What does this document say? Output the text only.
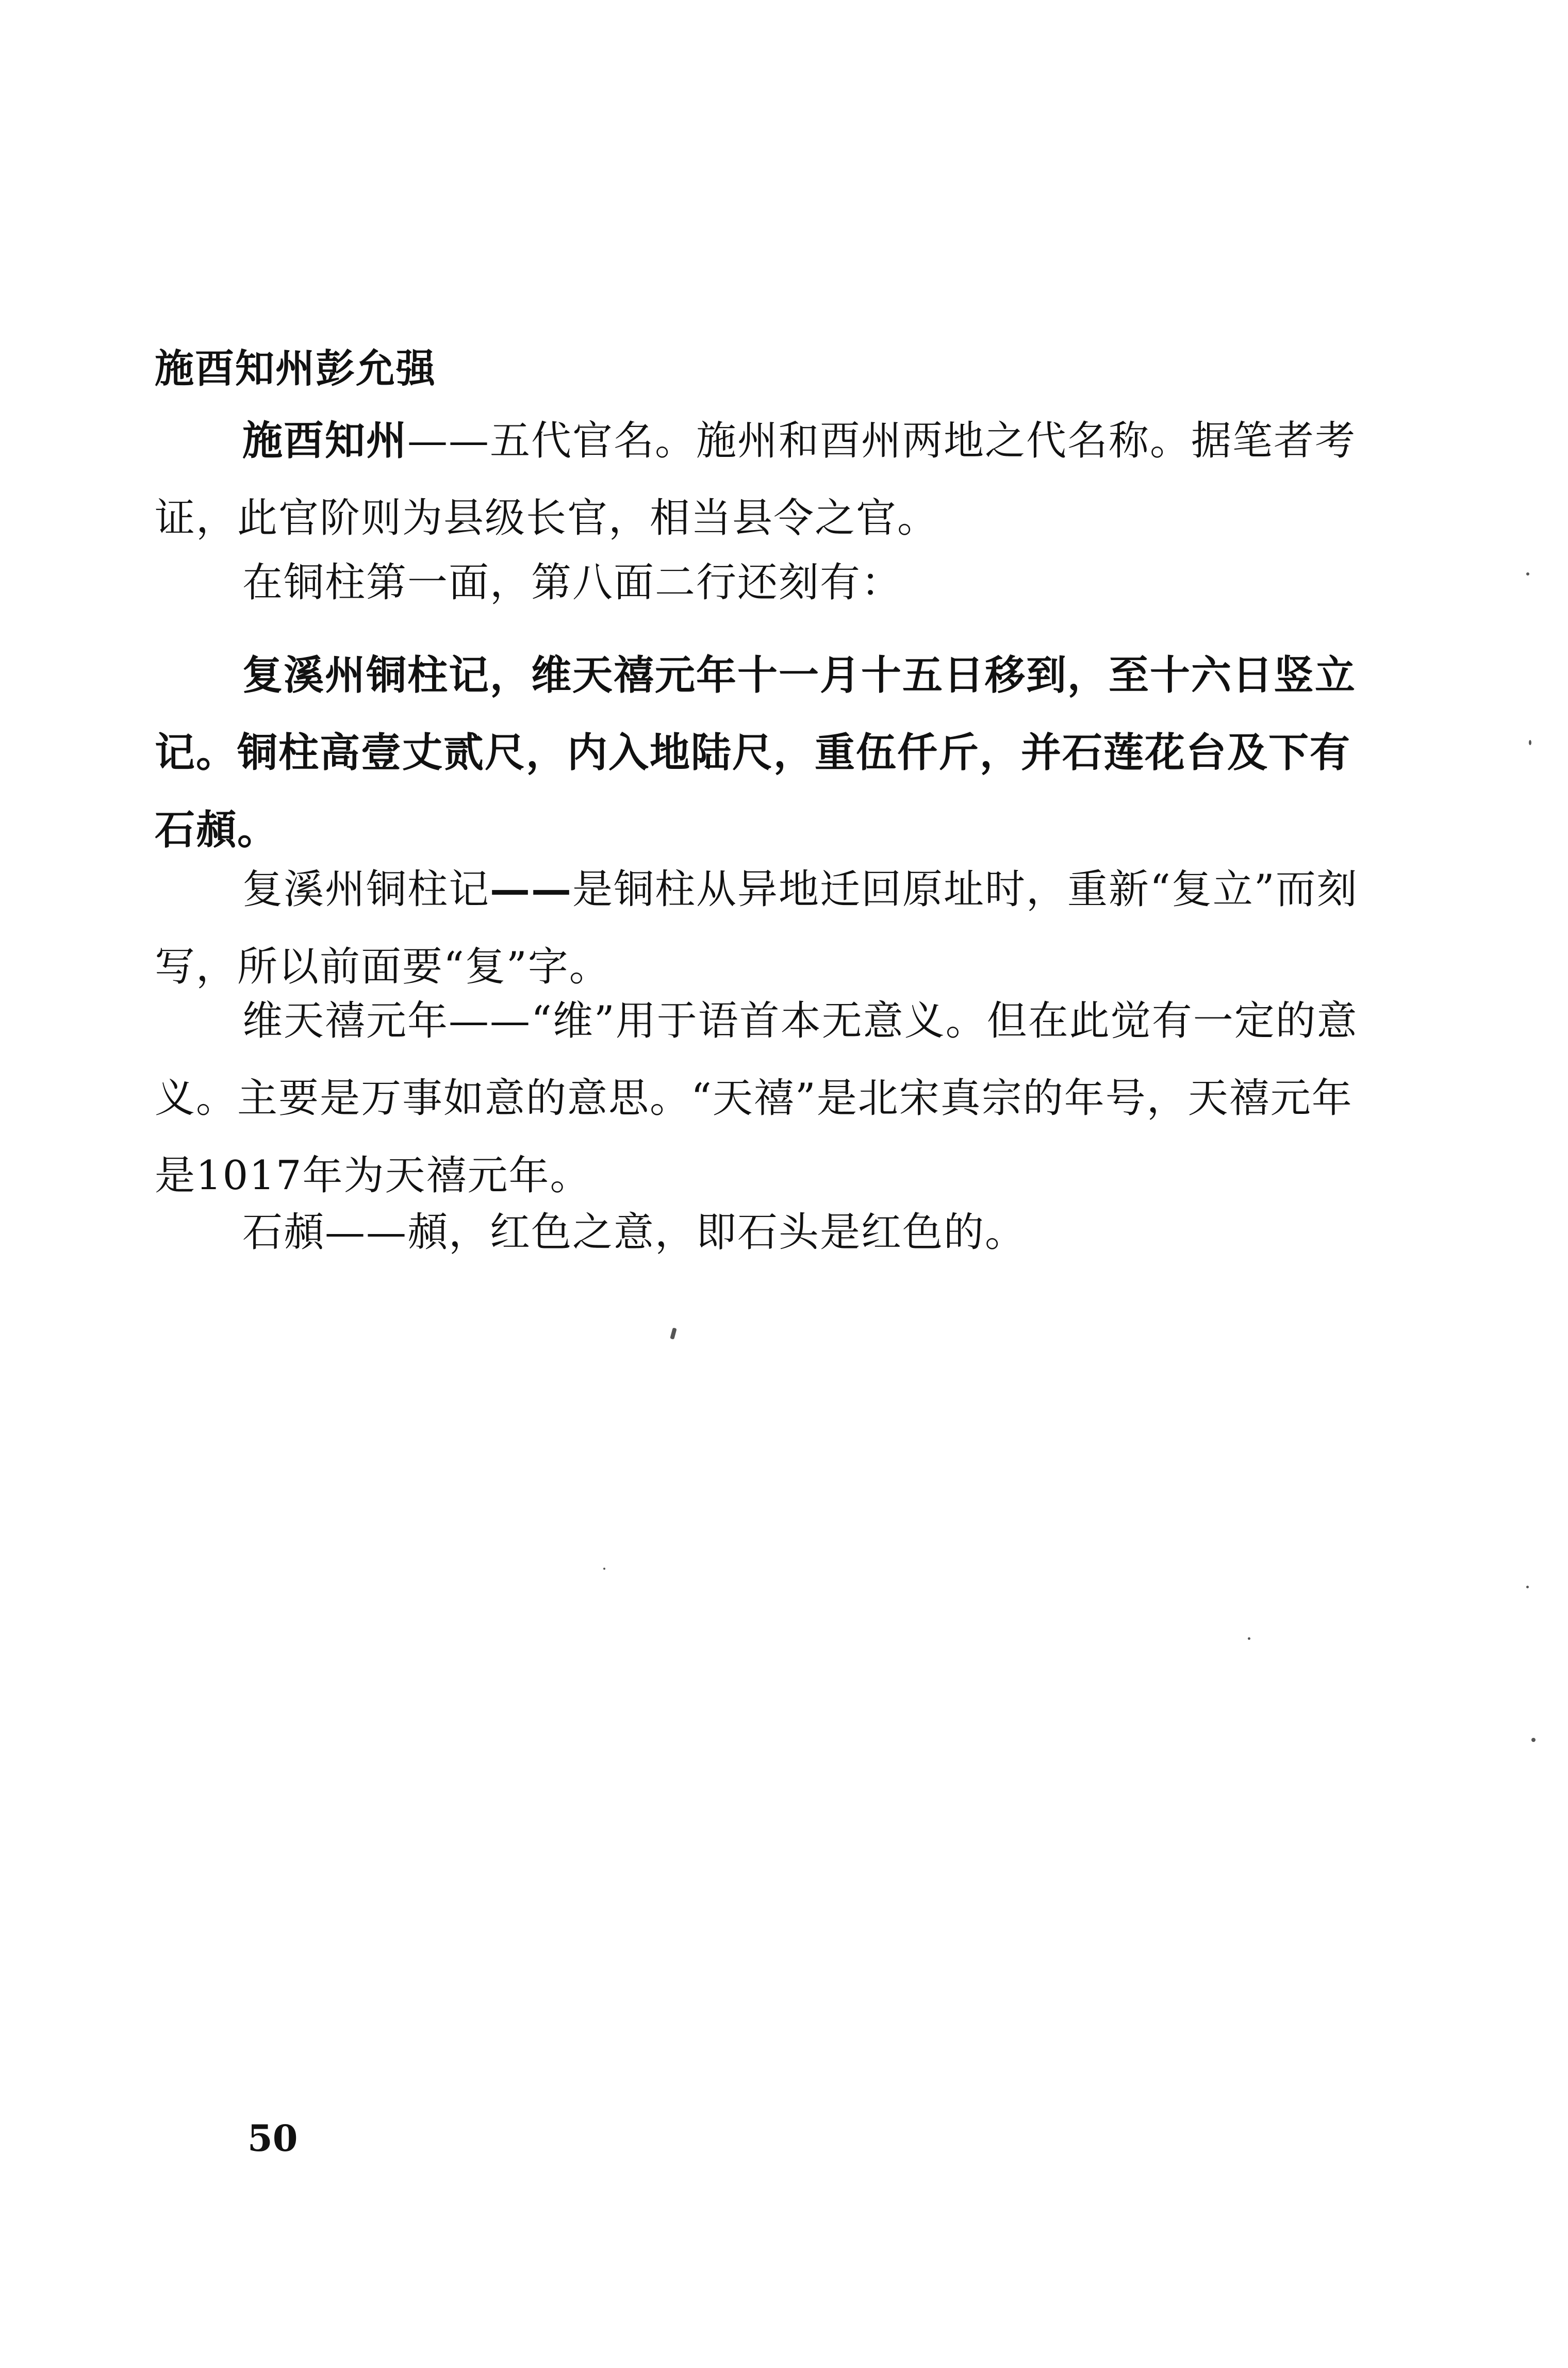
施酉知州彭允强

施酉知州——五代官名。施州和酉州两地之代名称。据笔者考证，此官阶则为县级长官，相当县令之官。

在铜柱第一面，第八面二行还刻有：

复溪州铜柱记，维天禧元年十一月十五日移到，至十六日竖立记。铜柱高壹丈贰尺，内入地陆尺，重伍仟斤，并石莲花台及下有石頳。

复溪州铜柱记——是铜柱从异地迁回原址时，重新“复立”而刻写，所以前面要“复”字。

维天禧元年——“维”用于语首本无意义。但在此觉有一定的意义。主要是万事如意的意思。“天禧”是北宋真宗的年号，天禧元年是1017年为天禧元年。

石頳——頳，红色之意，即石头是红色的。

50
